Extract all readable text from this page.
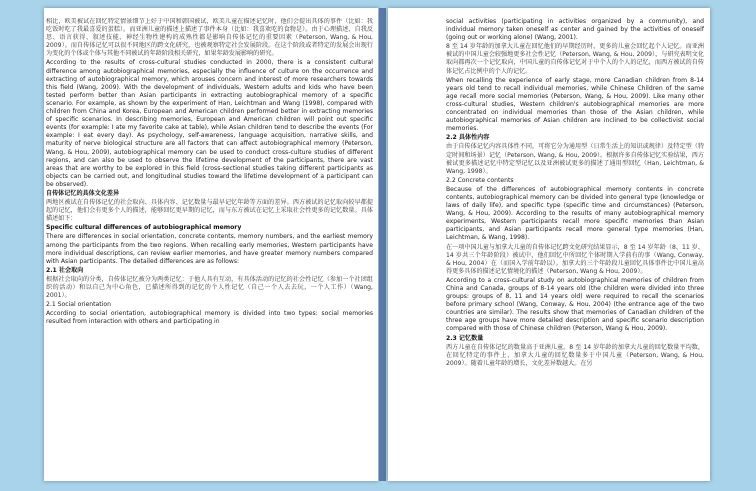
相比，欧美被试在回忆特定情景细节上好于中国和韩国被试，欧美儿童在描述记忆时，他们会提出具体的事件（比如：我吃饭时吃了我最喜爱的蛋糕）。而亚洲儿童的描述上描述了事件本身（比如：我喜欢吃的食物是）。由于心理描述、自我反思、语言获得、叙述技能、神经生物性建构的成熟性都是影响自传体记忆的重要因素（Peterson, Wang, & Hou, 2009）。而自传体记忆可以很不同地区的跨文化研究，也被观察特定社会发展阶段。在这个阶段或者特定的发展会出现行为变化的个体或个体与其他不同被试的年龄阶段相关研究，如果年龄发展影响的研究。

According to the results of cross-cultural studies conducted in 2000, there is a consistent cultural difference among autobiographical memories, especially the influence of culture on the occurrence and extracting of autobiographical memory, which arouses concern and interest of more researchers towards this field (Wang, 2009). With the development of individuals, Western adults and kids who have been tested perform better than Asian participants in extracting autobiographical memory of a specific scenario. For example, as shown by the experiment of Han, Leichtman and Wang (1998), compared with children from China and Korea, European and American children performed better in extracting memories of specific scenarios. In describing memories, European and American children will point out specific events (for example: I ate my favorite cake at table), while Asian children tend to describe the events (For example: I eat every day). As psychology, self-awareness, language acquisition, narrative skills, and maturity of nerve biological structure are all factors that can affect autobiographical memory (Peterson, Wang, & Hou, 2009), autobiographical memory can be used to conduct cross-culture studies of different regions, and can also be used to observe the lifetime development of the participants, there are vast areas that are worthy to be explored in this field (cross-sectional studies taking different participants as objects can be carried out, and longitudinal studies toward the lifetime development of a participant can be observed).

自传体记忆的具体文化差异

两地区被试在自传体记忆的社会取向、具体内容、记忆数量与最早记忆年龄等方面的差异。西方被试的记忆取向较早都提起的记忆，他们会有更多个人的描述，能够回忆更早期的记忆，而与东方被试在记忆上采取社会性更多的记忆数量。具体描述如下：

Specific cultural differences of autobiographical memory

There are differences in social orientation, concrete contents, memory numbers, and the earliest memory among the participants from the two regions. When recalling early memories, Western participants have more individual descriptions, can review earlier memories, and have greater memory numbers compared with Asian participants. The detailed differences are as follows:

2.1 社会取向

根据社会取向的分类，自传体记忆被分为两类记忆：于他人具有互动，有具体活动的记忆的社会性记忆（参加一个社团组织的活动）和以自己为中心角色，已描述所得到的记忆的个人性记忆（自己一个人去去玩，一个人工作）（Wang, 2001）。

2.1 Social orientation

According to social orientation, autobiographical memory is divided into two types: social memories resulted from interaction with others and participating in

social activities (participating in activities organized by a community), and individual memory taken oneself as center and gained by the activities of oneself (going out or working alone) (Wang, 2001).

8 至 14 岁年龄的加拿大儿童在回忆他们的早期经历时，更多的儿童会回忆起个人记忆。而亚洲被试的中国儿童会较强地更多社会性记忆（Peterson, Wang, & Hou, 2009），与研究表明文化取向都再次一个记忆取向，中国儿童的自传体记忆对于中个人的个人的记忆，而西方被试的自传体记忆占比例中的个人的记忆。

When recalling the experience of early stage, more Canadian children from 8-14 years old tend to recall individual memories, while Chinese Children of the same age recall more social memories (Peterson, Wang, & Hou, 2009). Like many other cross-cultural studies, Western children's autobiographical memories are more concentrated on individual memories than those of the Asian children, while autobiographical memories of Asian children are inclined to be collectivist social memories.

2.2 具体性内容

由于自传体记忆内容具体性不同，可将它分为通用型（日常生活上的知识或规律）及特定型（特定时间和场景）记忆（Peterson, Wang, & Hou, 2009）。根据许多自传体记忆实验结果，西方被试更多描述记忆中特定型记忆以及亚洲被试更多的描述了通用型回忆（Han, Leichtman, & Wang, 1998）。

2.2 Concrete contents

Because of the differences of autobiographical memory contents in concrete contents, autobiographical memory can be divided into general type (knowledge or laws of daily life), and specific type (specific time and circumstances) (Peterson, Wang, & Hou, 2009). According to the results of many autobiographical memory experiments, Western participants recall more specific memories than Asian participants, and Asian participants recall more general type memories (Han, Leichtman, & Wang, 1998).

在一项中国儿童与加拿大儿童的自传体记忆跨文化研究结果显示，8 至 14 岁年龄（8、11 岁、14 岁共三个年龄阶段）被试中，他们回忆中所回忆个体时期入学前有的事（Wang, Conway, & Hou, 2004）在（而国入学前年龄以）。加拿大的三个年龄段儿童回忆具体事件比中国儿童高得更多具体的描述记忆情境化的描述（Peterson, Wang & Hou, 2009）。

According to a cross-cultural study on autobiographical memories of children from China and Canada, groups of 8-14 years old (the children were divided into three groups: groups of 8, 11 and 14 years old) were required to recall the scenarios before primary school (Wang, Conway, & Hou, 2004) (the entrance age of the two countries are similar). The results show that memories of Canadian children of the three age groups have more detailed description and specific scenario description compared with those of Chinese children (Peterson, Wang & Hou, 2009).

2.3 记忆数量

西方儿童在自传体记忆的数量高于亚洲儿童。8 至 14 岁年龄的加拿大儿童的回忆数量平均数，在回忆特定的事件上，加拿大儿童的回忆数量多于中国儿童（Peterson, Wang, & Hou, 2009）。随着儿童年龄的增长，文化差异数越大。在另
